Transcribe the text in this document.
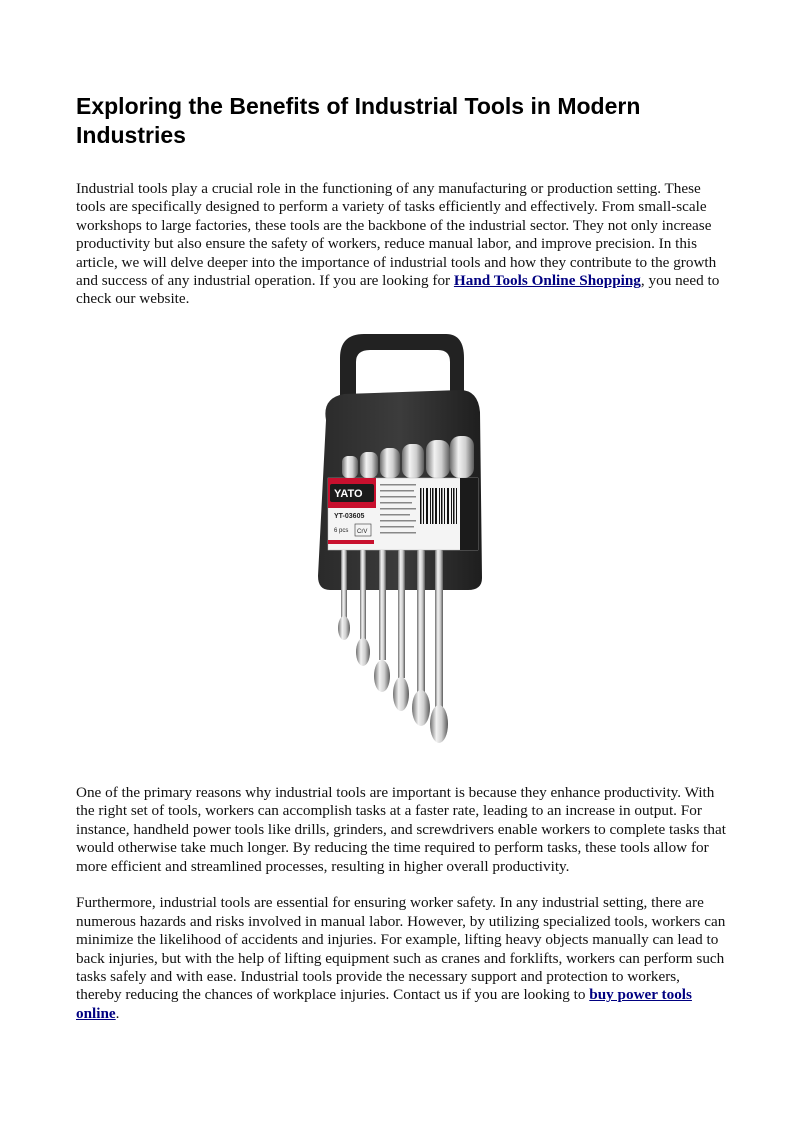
Exploring the Benefits of Industrial Tools in Modern Industries

Industrial tools play a crucial role in the functioning of any manufacturing or production setting. These tools are specifically designed to perform a variety of tasks efficiently and effectively. From small-scale workshops to large factories, these tools are the backbone of the industrial sector. They not only increase productivity but also ensure the safety of workers, reduce manual labor, and improve precision. In this article, we will delve deeper into the importance of industrial tools and how they contribute to the growth and success of any industrial operation. If you are looking for Hand Tools Online Shopping, you need to check our website.

YATO
YT-03605
6 pcs CrV

One of the primary reasons why industrial tools are important is because they enhance productivity. With the right set of tools, workers can accomplish tasks at a faster rate, leading to an increase in output. For instance, handheld power tools like drills, grinders, and screwdrivers enable workers to complete tasks that would otherwise take much longer. By reducing the time required to perform tasks, these tools allow for more efficient and streamlined processes, resulting in higher overall productivity.

Furthermore, industrial tools are essential for ensuring worker safety. In any industrial setting, there are numerous hazards and risks involved in manual labor. However, by utilizing specialized tools, workers can minimize the likelihood of accidents and injuries. For example, lifting heavy objects manually can lead to back injuries, but with the help of lifting equipment such as cranes and forklifts, workers can perform such tasks safely and with ease. Industrial tools provide the necessary support and protection to workers, thereby reducing the chances of workplace injuries. Contact us if you are looking to buy power tools online.
